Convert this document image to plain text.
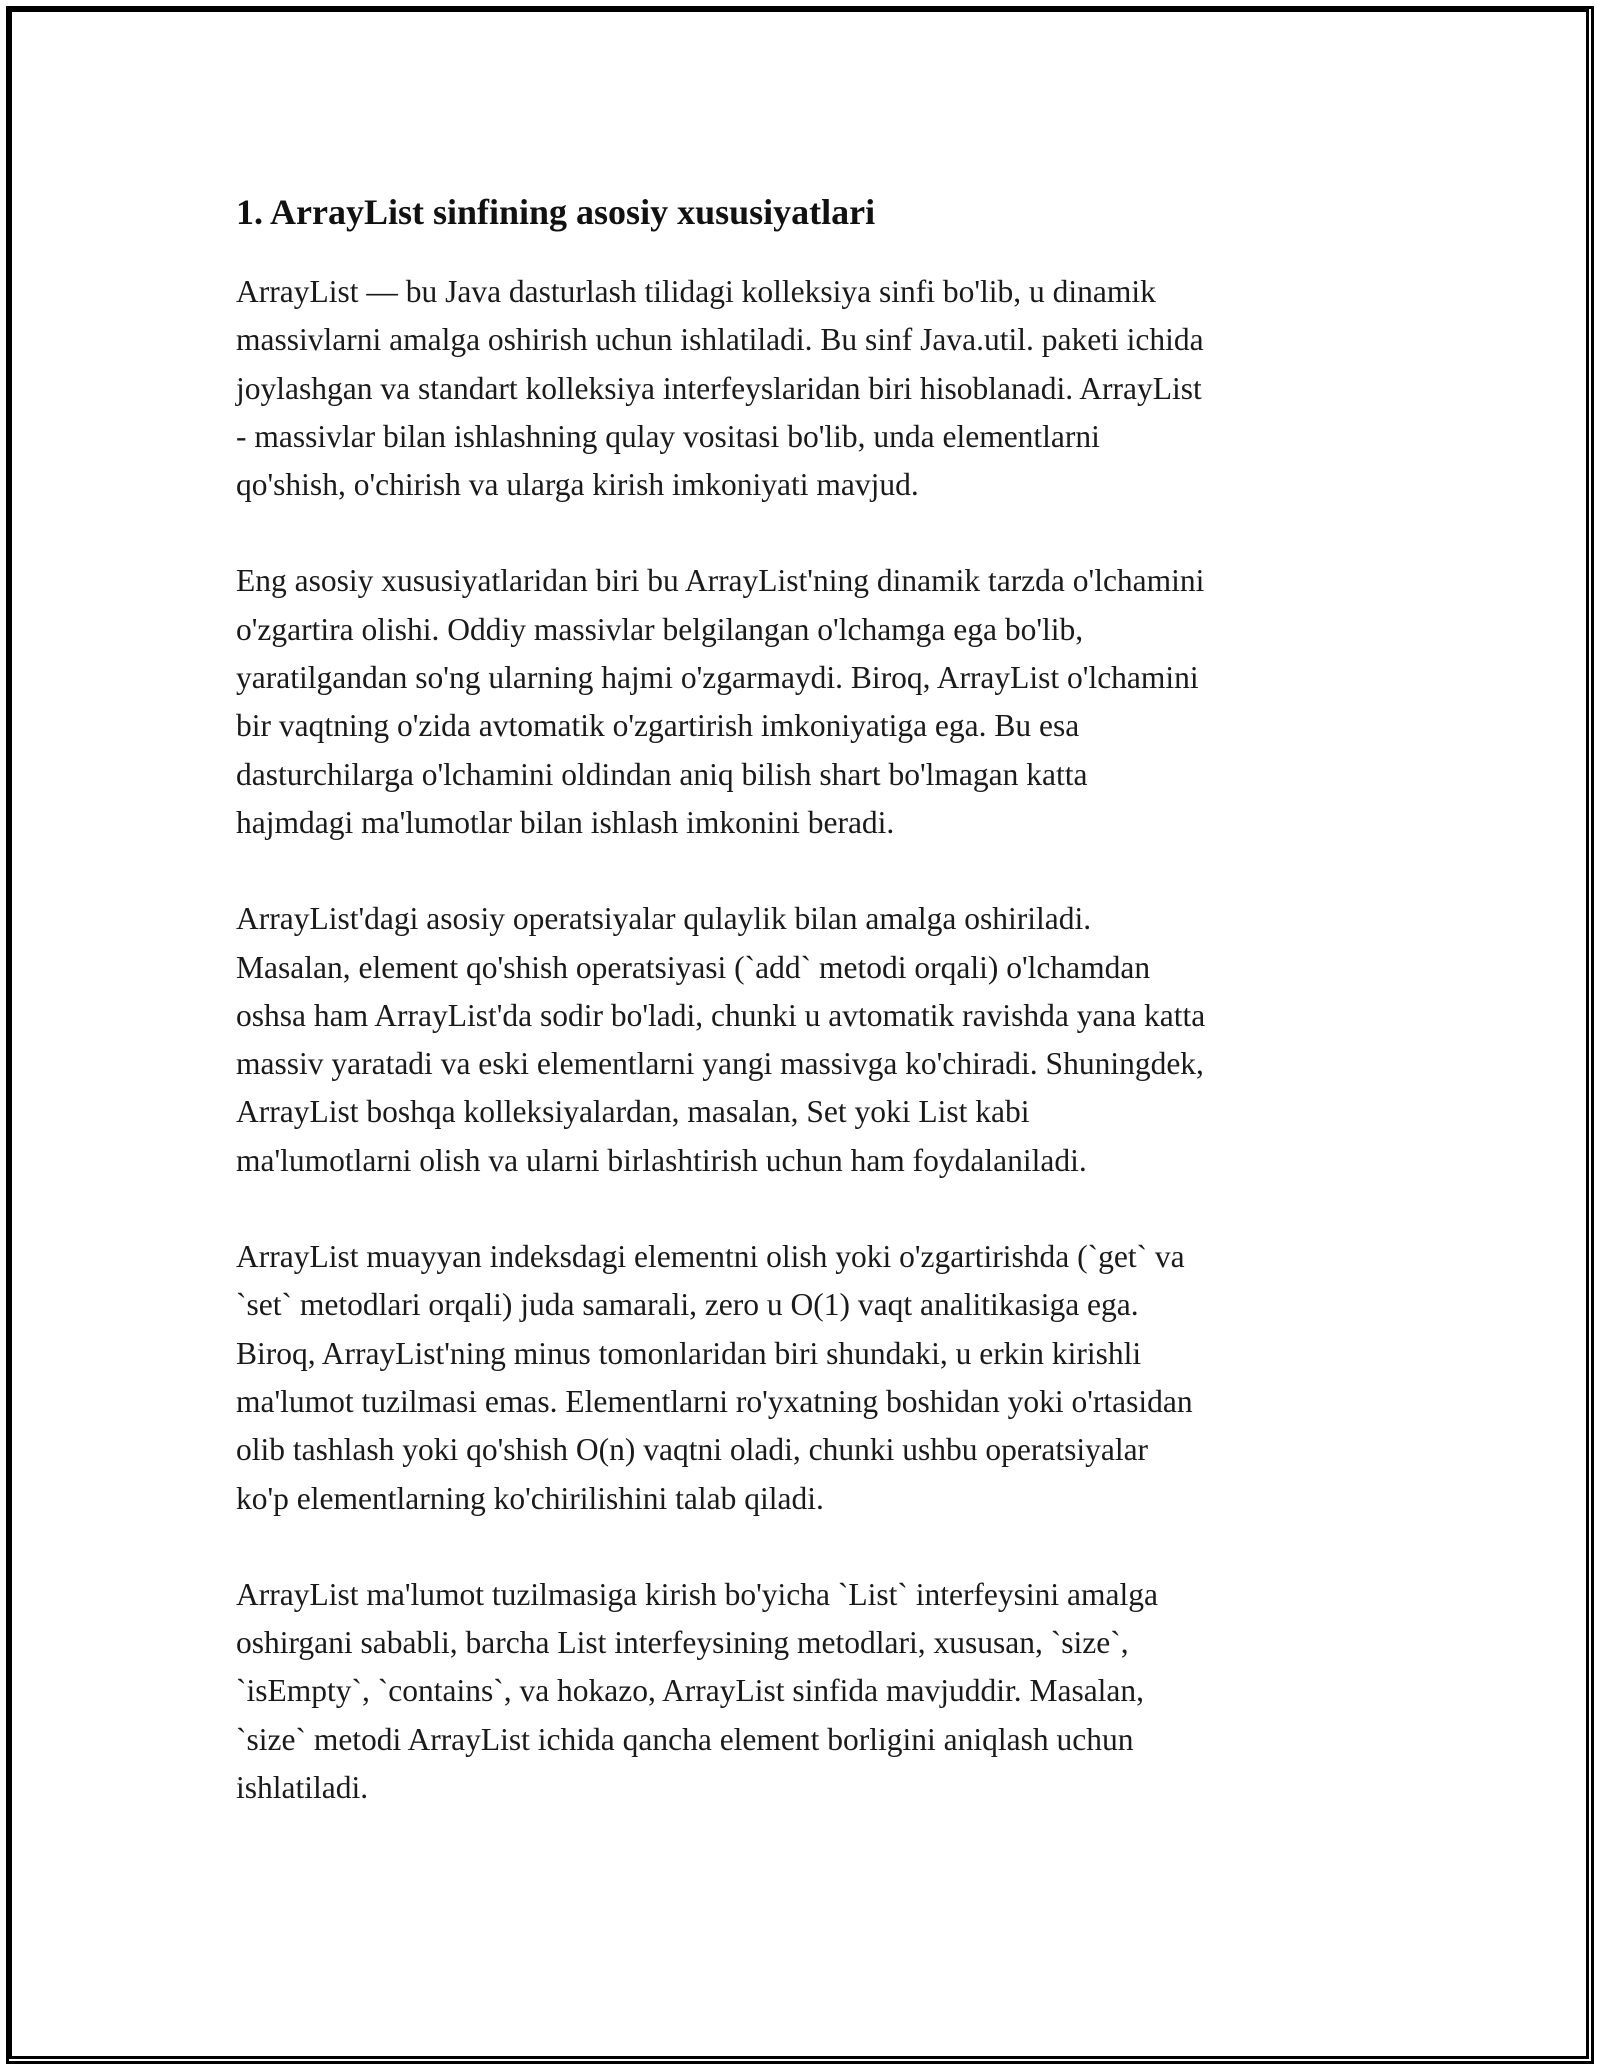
1. ArrayList sinfining asosiy xususiyatlari

ArrayList — bu Java dasturlash tilidagi kolleksiya sinfi bo'lib, u dinamik
massivlarni amalga oshirish uchun ishlatiladi. Bu sinf Java.util. paketi ichida
joylashgan va standart kolleksiya interfeyslaridan biri hisoblanadi. ArrayList
- massivlar bilan ishlashning qulay vositasi bo'lib, unda elementlarni
qo'shish, o'chirish va ularga kirish imkoniyati mavjud.

Eng asosiy xususiyatlaridan biri bu ArrayList'ning dinamik tarzda o'lchamini
o'zgartira olishi. Oddiy massivlar belgilangan o'lchamga ega bo'lib,
yaratilgandan so'ng ularning hajmi o'zgarmaydi. Biroq, ArrayList o'lchamini
bir vaqtning o'zida avtomatik o'zgartirish imkoniyatiga ega. Bu esa
dasturchilarga o'lchamini oldindan aniq bilish shart bo'lmagan katta
hajmdagi ma'lumotlar bilan ishlash imkonini beradi.

ArrayList'dagi asosiy operatsiyalar qulaylik bilan amalga oshiriladi.
Masalan, element qo'shish operatsiyasi (`add` metodi orqali) o'lchamdan
oshsa ham ArrayList'da sodir bo'ladi, chunki u avtomatik ravishda yana katta
massiv yaratadi va eski elementlarni yangi massivga ko'chiradi. Shuningdek,
ArrayList boshqa kolleksiyalardan, masalan, Set yoki List kabi
ma'lumotlarni olish va ularni birlashtirish uchun ham foydalaniladi.

ArrayList muayyan indeksdagi elementni olish yoki o'zgartirishda (`get` va
`set` metodlari orqali) juda samarali, zero u O(1) vaqt analitikasiga ega.
Biroq, ArrayList'ning minus tomonlaridan biri shundaki, u erkin kirishli
ma'lumot tuzilmasi emas. Elementlarni ro'yxatning boshidan yoki o'rtasidan
olib tashlash yoki qo'shish O(n) vaqtni oladi, chunki ushbu operatsiyalar
ko'p elementlarning ko'chirilishini talab qiladi.

ArrayList ma'lumot tuzilmasiga kirish bo'yicha `List` interfeysini amalga
oshirgani sababli, barcha List interfeysining metodlari, xususan, `size`,
`isEmpty`, `contains`, va hokazo, ArrayList sinfida mavjuddir. Masalan,
`size` metodi ArrayList ichida qancha element borligini aniqlash uchun
ishlatiladi.
